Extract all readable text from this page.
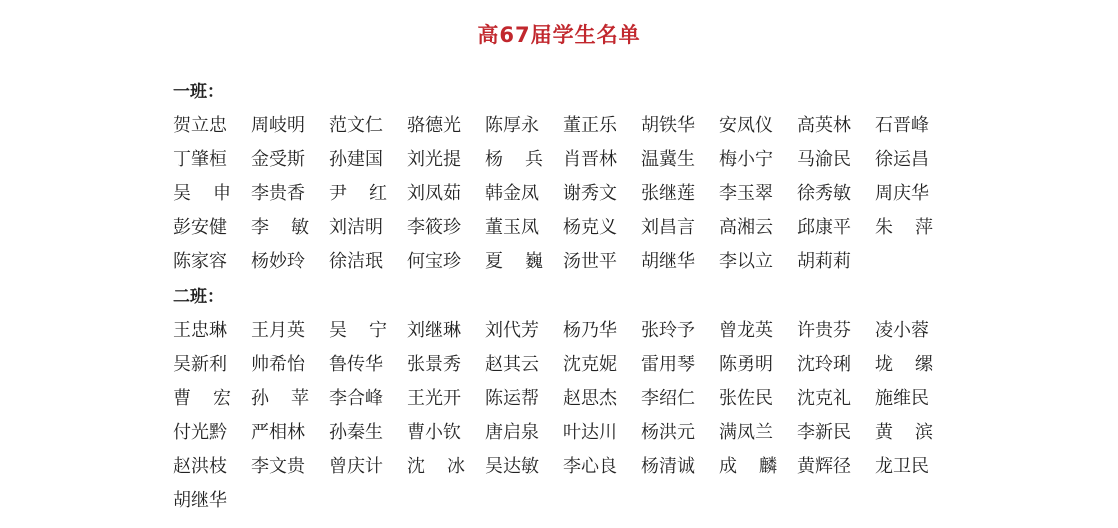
高67届学生名单
一班：
贺立忠 周岐明 范文仁 骆德光 陈厚永 董正乐 胡铁华 安凤仪 高英林 石晋峰
丁肇桓 金受斯 孙建国 刘光提 杨 兵 肖晋林 温冀生 梅小宁 马渝民 徐运昌
吴 申 李贵香 尹 红 刘凤茹 韩金凤 谢秀文 张继莲 李玉翠 徐秀敏 周庆华
彭安健 李 敏 刘洁明 李筱珍 董玉凤 杨克义 刘昌言 高湘云 邱康平 朱 萍
陈家容 杨妙玲 徐洁珉 何宝珍 夏 巍 汤世平 胡继华 李以立 胡莉莉
二班：
王忠琳 王月英 吴 宁 刘继琳 刘代芳 杨乃华 张玲予 曾龙英 许贵芬 凌小蓉
吴新利 帅希怡 鲁传华 张景秀 赵其云 沈克妮 雷用琴 陈勇明 沈玲琍 垅 缧
曹 宏 孙 苹 李合峰 王光开 陈运帮 赵思杰 李绍仁 张佐民 沈克礼 施维民
付光黔 严相林 孙秦生 曹小钦 唐启泉 叶达川 杨洪元 满凤兰 李新民 黄 滨
赵洪枝 李文贵 曾庆计 沈 冰 吴达敏 李心良 杨清诚 成 麟 黄辉径 龙卫民
胡继华
